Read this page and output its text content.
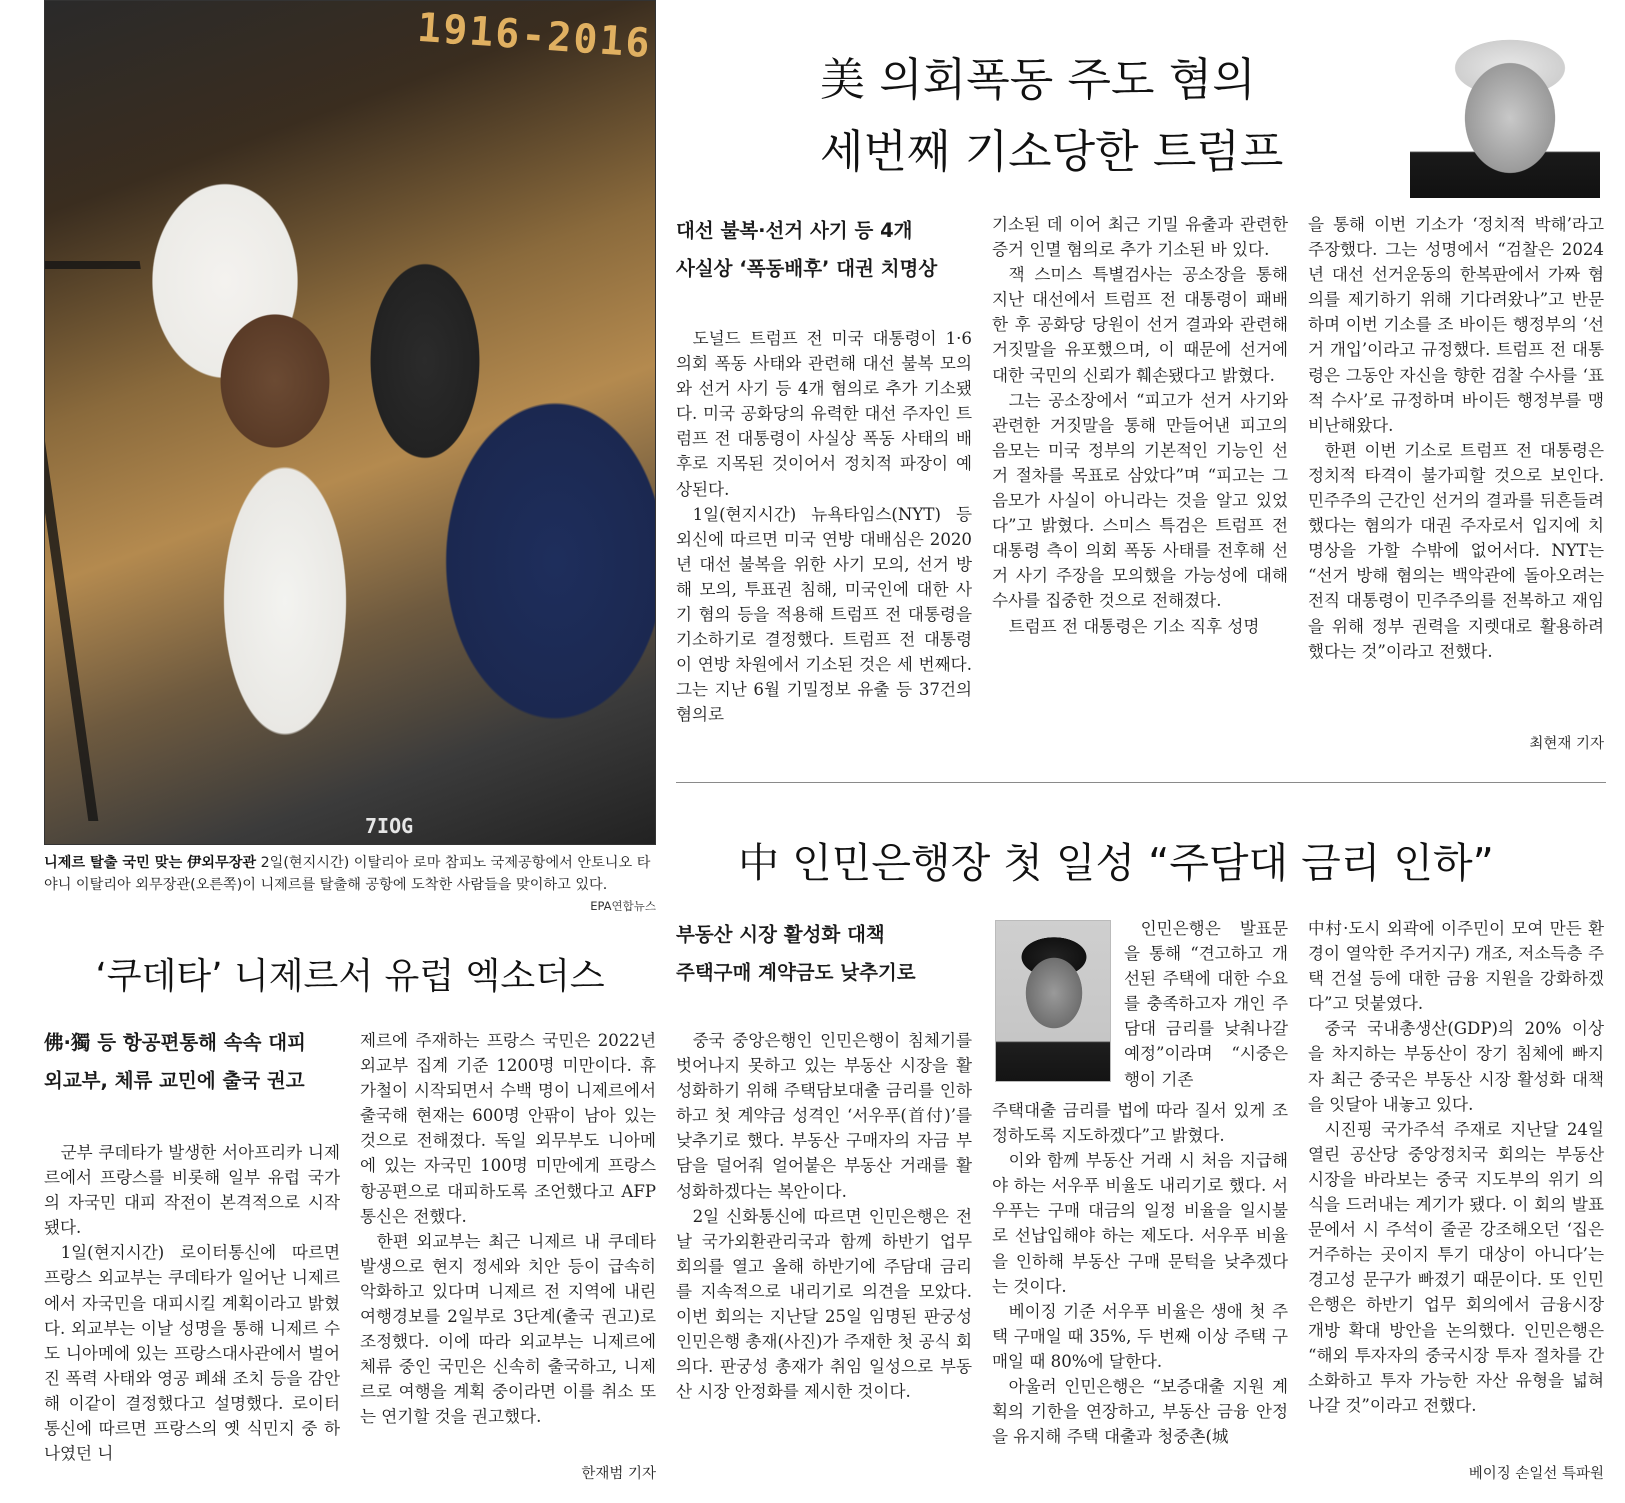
1916-2016
7IOG
니제르 탈출 국민 맞는 伊외무장관 2일(현지시간) 이탈리아 로마 참피노 국제공항에서 안토니오 타야니 이탈리아 외무장관(오른쪽)이 니제르를 탈출해 공항에 도착한 사람들을 맞이하고 있다.
EPA연합뉴스
美 의회폭동 주도 혐의
세번째 기소당한 트럼프
대선 불복·선거 사기 등 4개
사실상 ‘폭동배후’ 대권 치명상

도널드 트럼프 전 미국 대통령이 1·6 의회 폭동 사태와 관련해 대선 불복 모의와 선거 사기 등 4개 혐의로 추가 기소됐다. 미국 공화당의 유력한 대선 주자인 트럼프 전 대통령이 사실상 폭동 사태의 배후로 지목된 것이어서 정치적 파장이 예상된다.

1일(현지시간) 뉴욕타임스(NYT) 등 외신에 따르면 미국 연방 대배심은 2020년 대선 불복을 위한 사기 모의, 선거 방해 모의, 투표권 침해, 미국인에 대한 사기 혐의 등을 적용해 트럼프 전 대통령을 기소하기로 결정했다. 트럼프 전 대통령이 연방 차원에서 기소된 것은 세 번째다. 그는 지난 6월 기밀정보 유출 등 37건의 혐의로

기소된 데 이어 최근 기밀 유출과 관련한 증거 인멸 혐의로 추가 기소된 바 있다.

잭 스미스 특별검사는 공소장을 통해 지난 대선에서 트럼프 전 대통령이 패배한 후 공화당 당원이 선거 결과와 관련해 거짓말을 유포했으며, 이 때문에 선거에 대한 국민의 신뢰가 훼손됐다고 밝혔다.

그는 공소장에서 “피고가 선거 사기와 관련한 거짓말을 통해 만들어낸 피고의 음모는 미국 정부의 기본적인 기능인 선거 절차를 목표로 삼았다”며 “피고는 그 음모가 사실이 아니라는 것을 알고 있었다”고 밝혔다. 스미스 특검은 트럼프 전 대통령 측이 의회 폭동 사태를 전후해 선거 사기 주장을 모의했을 가능성에 대해 수사를 집중한 것으로 전해졌다.

트럼프 전 대통령은 기소 직후 성명

을 통해 이번 기소가 ‘정치적 박해’라고 주장했다. 그는 성명에서 “검찰은 2024년 대선 선거운동의 한복판에서 가짜 혐의를 제기하기 위해 기다려왔나”고 반문하며 이번 기소를 조 바이든 행정부의 ‘선거 개입’이라고 규정했다. 트럼프 전 대통령은 그동안 자신을 향한 검찰 수사를 ‘표적 수사’로 규정하며 바이든 행정부를 맹비난해왔다.

한편 이번 기소로 트럼프 전 대통령은 정치적 타격이 불가피할 것으로 보인다. 민주주의 근간인 선거의 결과를 뒤흔들려 했다는 혐의가 대권 주자로서 입지에 치명상을 가할 수밖에 없어서다. NYT는 “선거 방해 혐의는 백악관에 돌아오려는 전직 대통령이 민주주의를 전복하고 재임을 위해 정부 권력을 지렛대로 활용하려 했다는 것”이라고 전했다.

최현재 기자
‘쿠데타’ 니제르서 유럽 엑소더스
佛·獨 등 항공편통해 속속 대피
외교부, 체류 교민에 출국 권고

군부 쿠데타가 발생한 서아프리카 니제르에서 프랑스를 비롯해 일부 유럽 국가의 자국민 대피 작전이 본격적으로 시작됐다.

1일(현지시간) 로이터통신에 따르면 프랑스 외교부는 쿠데타가 일어난 니제르에서 자국민을 대피시킬 계획이라고 밝혔다. 외교부는 이날 성명을 통해 니제르 수도 니아메에 있는 프랑스대사관에서 벌어진 폭력 사태와 영공 폐쇄 조치 등을 감안해 이같이 결정했다고 설명했다. 로이터통신에 따르면 프랑스의 옛 식민지 중 하나였던 니

제르에 주재하는 프랑스 국민은 2022년 외교부 집계 기준 1200명 미만이다. 휴가철이 시작되면서 수백 명이 니제르에서 출국해 현재는 600명 안팎이 남아 있는 것으로 전해졌다. 독일 외무부도 니아메에 있는 자국민 100명 미만에게 프랑스 항공편으로 대피하도록 조언했다고 AFP통신은 전했다.

한편 외교부는 최근 니제르 내 쿠데타 발생으로 현지 정세와 치안 등이 급속히 악화하고 있다며 니제르 전 지역에 내린 여행경보를 2일부로 3단계(출국 권고)로 조정했다. 이에 따라 외교부는 니제르에 체류 중인 국민은 신속히 출국하고, 니제르로 여행을 계획 중이라면 이를 취소 또는 연기할 것을 권고했다.

한재범 기자
中 인민은행장 첫 일성 “주담대 금리 인하”
부동산 시장 활성화 대책
주택구매 계약금도 낮추기로

중국 중앙은행인 인민은행이 침체기를 벗어나지 못하고 있는 부동산 시장을 활성화하기 위해 주택담보대출 금리를 인하하고 첫 계약금 성격인 ‘서우푸(首付)’를 낮추기로 했다. 부동산 구매자의 자금 부담을 덜어줘 얼어붙은 부동산 거래를 활성화하겠다는 복안이다.

2일 신화통신에 따르면 인민은행은 전날 국가외환관리국과 함께 하반기 업무 회의를 열고 올해 하반기에 주담대 금리를 지속적으로 내리기로 의견을 모았다. 이번 회의는 지난달 25일 임명된 판궁성 인민은행 총재(사진)가 주재한 첫 공식 회의다. 판궁성 총재가 취임 일성으로 부동산 시장 안정화를 제시한 것이다.

인민은행은 발표문을 통해 “견고하고 개선된 주택에 대한 수요를 충족하고자 개인 주담대 금리를 낮춰나갈 예정”이라며 “시중은행이 기존

주택대출 금리를 법에 따라 질서 있게 조정하도록 지도하겠다”고 밝혔다.

이와 함께 부동산 거래 시 처음 지급해야 하는 서우푸 비율도 내리기로 했다. 서우푸는 구매 대금의 일정 비율을 일시불로 선납입해야 하는 제도다. 서우푸 비율을 인하해 부동산 구매 문턱을 낮추겠다는 것이다.

베이징 기준 서우푸 비율은 생애 첫 주택 구매일 때 35%, 두 번째 이상 주택 구매일 때 80%에 달한다.

아울러 인민은행은 “보증대출 지원 계획의 기한을 연장하고, 부동산 금융 안정을 유지해 주택 대출과 청중촌(城

中村·도시 외곽에 이주민이 모여 만든 환경이 열악한 주거지구) 개조, 저소득층 주택 건설 등에 대한 금융 지원을 강화하겠다”고 덧붙였다.

중국 국내총생산(GDP)의 20% 이상을 차지하는 부동산이 장기 침체에 빠지자 최근 중국은 부동산 시장 활성화 대책을 잇달아 내놓고 있다.

시진핑 국가주석 주재로 지난달 24일 열린 공산당 중앙정치국 회의는 부동산 시장을 바라보는 중국 지도부의 위기 의식을 드러내는 계기가 됐다. 이 회의 발표문에서 시 주석이 줄곧 강조해오던 ‘집은 거주하는 곳이지 투기 대상이 아니다’는 경고성 문구가 빠졌기 때문이다. 또 인민은행은 하반기 업무 회의에서 금융시장 개방 확대 방안을 논의했다. 인민은행은 “해외 투자자의 중국시장 투자 절차를 간소화하고 투자 가능한 자산 유형을 넓혀나갈 것”이라고 전했다.

베이징 손일선 특파원
